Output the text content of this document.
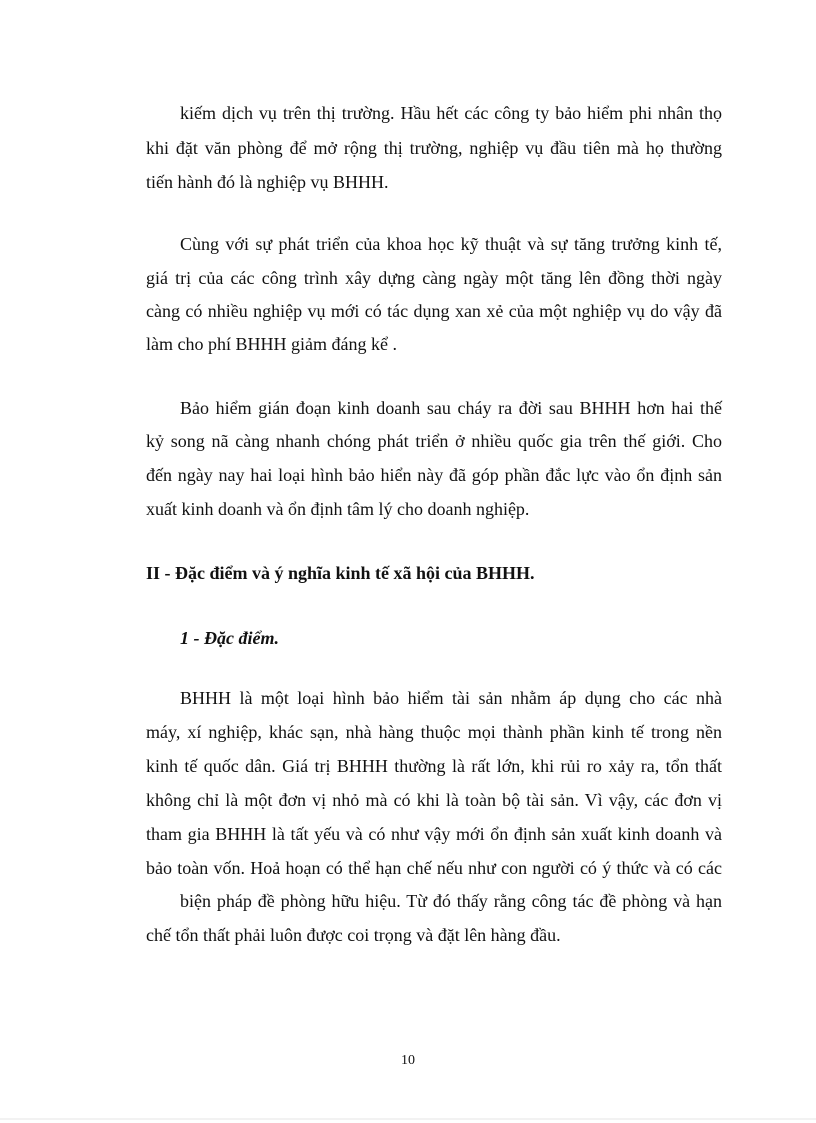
kiếm dịch vụ trên thị trường. Hầu hết các công ty bảo hiểm phi nhân thọ
khi đặt văn phòng để mở rộng thị trường, nghiệp vụ đầu tiên mà họ thường
tiến hành đó là nghiệp vụ BHHH.
Cùng với sự phát triển của khoa học kỹ thuật và sự tăng trưởng kinh tế,
giá trị của các công trình xây dựng càng ngày một tăng lên đồng thời ngày
càng có nhiều nghiệp vụ mới có tác dụng xan xẻ của một nghiệp vụ do vậy đã
làm cho phí BHHH giảm đáng kể .
Bảo hiểm gián đoạn kinh doanh sau cháy ra đời sau BHHH hơn hai thế
kỷ song nã càng nhanh chóng phát triển ở nhiều quốc gia trên thế giới. Cho
đến ngày nay hai loại hình bảo hiển này đã góp phần đắc lực vào ổn định sản
xuất kinh doanh và ổn định tâm lý cho doanh nghiệp.
II - Đặc điểm và ý nghĩa kinh tế xã hội của BHHH.
1 - Đặc điểm.
BHHH là một loại hình bảo hiểm tài sản nhằm áp dụng cho các nhà
máy, xí nghiệp, khác sạn, nhà hàng thuộc mọi thành phần kinh tế trong nền
kinh tế quốc dân. Giá trị BHHH thường là rất lớn, khi rủi ro xảy ra, tổn thất
không chỉ là một đơn vị nhỏ mà có khi là toàn bộ tài sản. Vì vậy, các đơn vị
tham gia BHHH là tất yếu và có như vậy mới ổn định sản xuất kinh doanh và
bảo toàn vốn. Hoả hoạn có thể hạn chế nếu như con người có ý thức và có các
biện pháp đề phòng hữu hiệu. Từ đó thấy rằng công tác đề phòng và hạn
chế tổn thất phải luôn được coi trọng và đặt lên hàng đầu.
10
